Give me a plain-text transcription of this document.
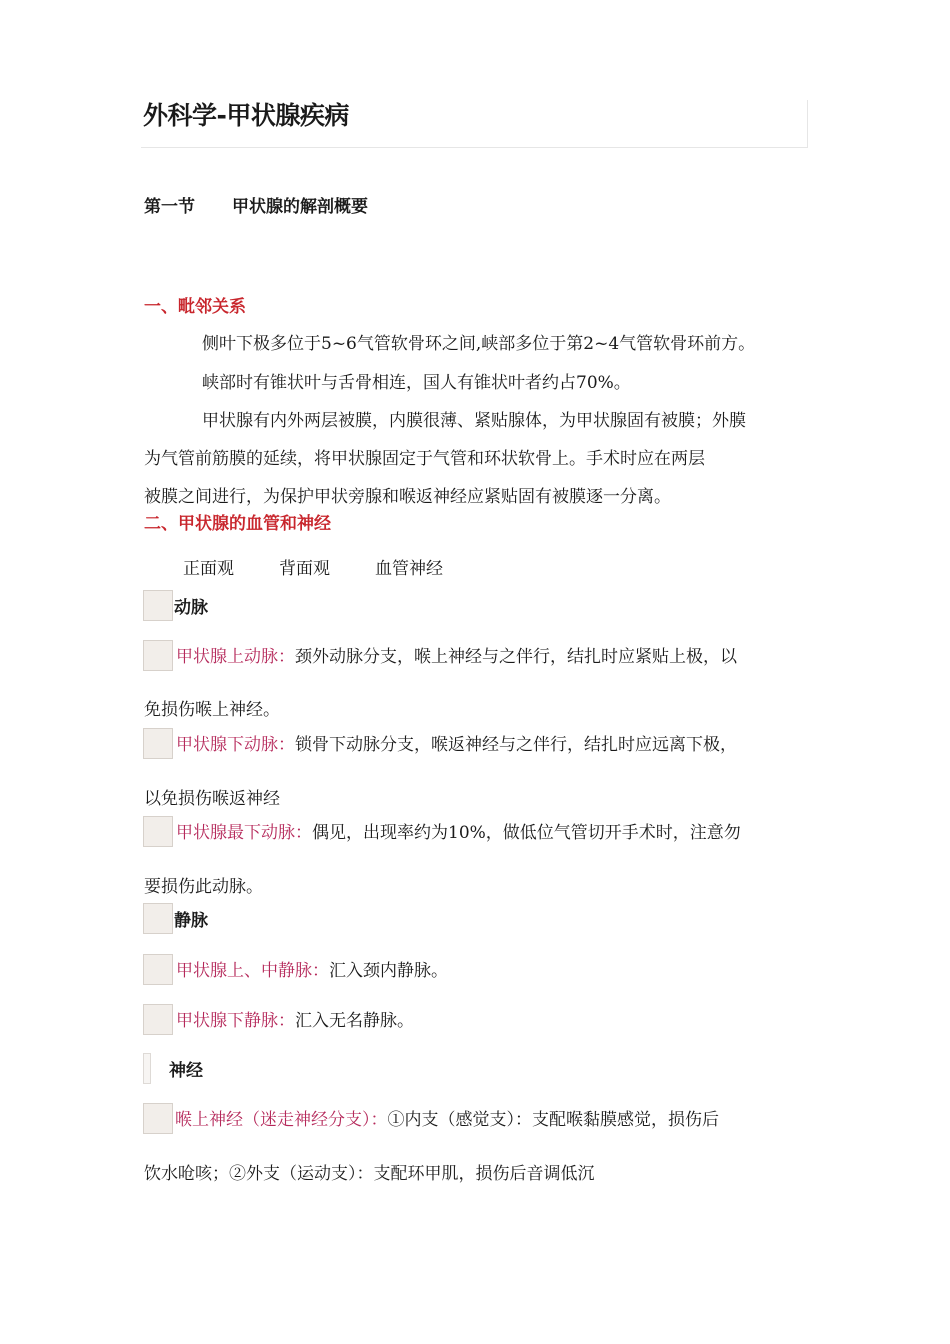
外科学-甲状腺疾病
第一节 甲状腺的解剖概要
一、毗邻关系
侧叶下极多位于5~6气管软骨环之间,峡部多位于第2~4气管软骨环前方。
峡部时有锥状叶与舌骨相连，国人有锥状叶者约占70%。
甲状腺有内外两层被膜，内膜很薄、紧贴腺体，为甲状腺固有被膜；外膜
为气管前筋膜的延续，将甲状腺固定于气管和环状软骨上。手术时应在两层
被膜之间进行，为保护甲状旁腺和喉返神经应紧贴固有被膜逐一分离。
二、甲状腺的血管和神经
正面观	背面观	血管神经
动脉
甲状腺上动脉：颈外动脉分支，喉上神经与之伴行，结扎时应紧贴上极，以
免损伤喉上神经。
甲状腺下动脉：锁骨下动脉分支，喉返神经与之伴行，结扎时应远离下极，
以免损伤喉返神经
甲状腺最下动脉：偶见，出现率约为10%，做低位气管切开手术时，注意勿
要损伤此动脉。
静脉
甲状腺上、中静脉：汇入颈内静脉。
甲状腺下静脉：汇入无名静脉。
神经
喉上神经（迷走神经分支）：①内支（感觉支）：支配喉黏膜感觉，损伤后
饮水呛咳；②外支（运动支）：支配环甲肌，损伤后音调低沉
